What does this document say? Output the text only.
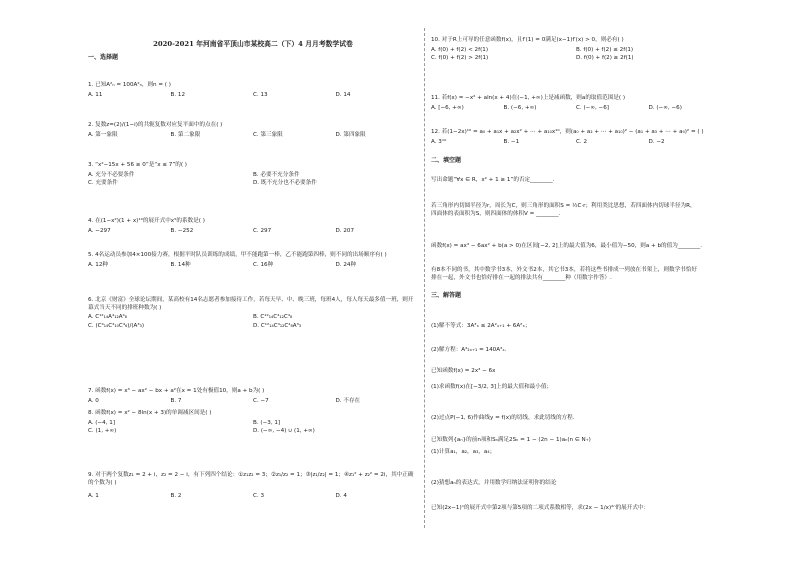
2020-2021 年河南省平顶山市某校高二（下）4 月月考数学试卷
一、选择题

1. 已知A²ₙ = 100A²ₙ，则n = ( )

A. 11	B. 12	C. 13	D. 14

2. 复数z=(2)/(1−i)的共轭复数对应复平面中的点在( )

A. 第一象限	B. 第二象限	C. 第三象限	D. 第四象限

3. “x²−15x + 56 ≥ 0”是“x ≤ 7”的( )

A. 充分不必要条件	B. 必要不充分条件
C. 充要条件	D. 既不充分也不必要条件

4. 在(1−x²)(1 + x)¹⁰的展开式中x⁵的系数是( )

A. −297	B. −252	C. 297	D. 207

5. 4名运动员参加4×100接力赛，根据平时队员训练的成绩，甲不能跑第一棒，乙不能跑第四棒，则不同的出场顺序有( )

A. 12种	B. 14种	C. 16种	D. 24种

6. 北京《财富》全球论坛期间，某高校有14名志愿者参加接待工作，若每天早、中、晚三班，每班4人，每人每天最多值一班，则开幕式当天不同的排班种数为( )

A. C¹²₁₄A⁴₁₂A⁴₈	B. C¹²₁₄C⁴₁₂C⁴₈
C. (C⁴₁₄C⁴₁₀C⁴₆)/(A³₃)	D. C¹²₁₄C⁴₁₂C⁴₈A³₃

7. 函数f(x) = x³ − ax² − bx + a²在x = 1处有极值10，则a + b为( )

A. 0	B. 7	C. −7	D. 不存在

8. 函数f(x) = x² − 8ln(x + 3)的单调减区间是( )

A. (−4, 1]	B. (−3, 1]
C. (1, +∞)	D. (−∞, −4) ∪ (1, +∞)

9. 对于两个复数z₁ = 2 + i，z₂ = 2 − i，有下列四个结论：①z₁z₂ = 3；②z₁/z₂ = 1；③|z₁/z₂| = 1；④z₁² + z₂² = 2i，其中正确的个数为( )

A. 1	B. 2	C. 3	D. 4

10. 对于R上可导的任意函数f(x)，且f′(1) = 0满足(x−1)f′(x) > 0，则必有( )

A. f(0) + f(2) < 2f(1)	B. f(0) + f(2) ≤ 2f(1)
C. f(0) + f(2) > 2f(1)	D. f(0) + f(2) ≥ 2f(1)

11. 若f(x) = −x² + aln(x + 4)在(−1, +∞)上是减函数，则a的取值范围是( )

A. [−6, +∞)	B. (−6, +∞)	C. (−∞, −6]	D. (−∞, −6)

12. 若(1−2x)¹⁰ = a₀ + a₁x + a₂x² + ⋯ + a₁₀x¹⁰，则(a₀ + a₂ + ⋯ + a₁₀)² − (a₁ + a₃ + ⋯ + a₉)² = ( )

A. 3¹⁰	B. −1	C. 2	D. −2
二、填空题

写出命题“∀x ∈ R，x² + 1 ≥ 1”的否定________.

若三角形内切圆半径为r，周长为C，则三角形的面积S = ½C·r；利用类比思想，若四面体内切球半径为R，

四面体的表面积为S，则四面体的体积V = ________.

函数f(x) = ax³ − 6ax² + b(a > 0)在区间[−2, 2]上的最大值为6，最小值为−50，则a + b的值为________.

有8本不同的书，其中数学书3本，外文书2本，其它书3本，若将这些书排成一列放在书架上，则数学书恰好

排在一起，外文书也恰好排在一起的排法共有________种（用数字作答）.

三、解答题

(1)解不等式：3A³ₓ ≤ 2A²ₓ₊₁ + 6A²ₓ；

(2)解方程：A⁴₂ₓ₊₁ = 140A³ₓ.

已知函数f(x) = 2x³ − 6x

(1)求函数f(x)在[−3/2, 3]上的最大值和最小值；

(2)过点P(−1, 6)作曲线y = f(x)的切线，求此切线的方程.

已知数列{aₙ}的前n项和Sₙ满足2Sₙ = 1 − (2n − 1)aₙ(n ∈ N₊)

(1)计算a₁，a₂，a₃，a₄；

(2)猜想aₙ的表达式，并用数学归纳法证明你的结论

已知(2x−1)ⁿ的展开式中第2项与第5项的二项式系数相等，求(2x − 1/x)²ⁿ的展开式中：
